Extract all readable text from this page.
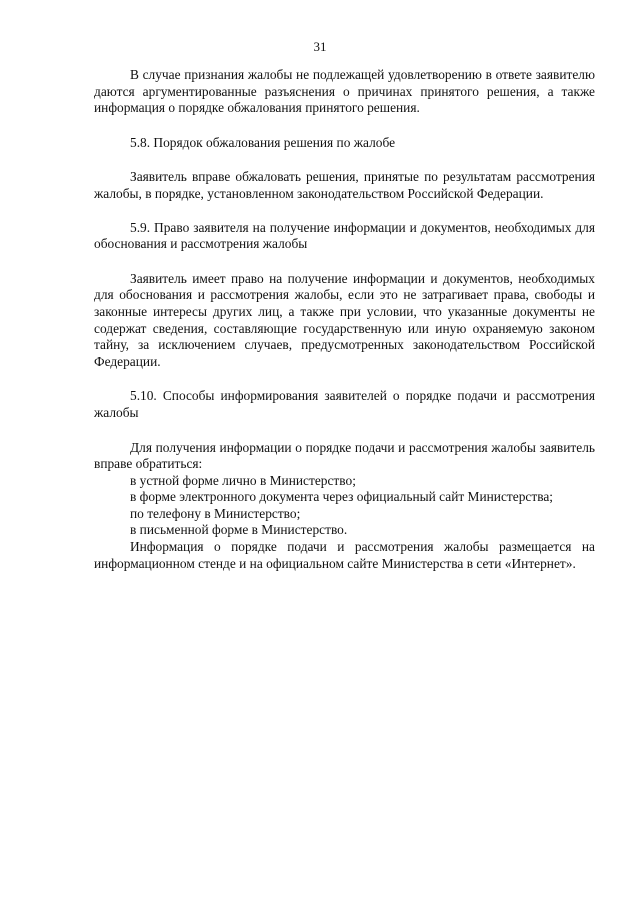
31

В случае признания жалобы не подлежащей удовлетворению в ответе заявителю даются аргументированные разъяснения о причинах принятого решения, а также информация о порядке обжалования принятого решения.

5.8. Порядок обжалования решения по жалобе

Заявитель вправе обжаловать решения, принятые по результатам рассмотрения жалобы, в порядке, установленном законодательством Российской Федерации.

5.9. Право заявителя на получение информации и документов, необходимых для обоснования и рассмотрения жалобы

Заявитель имеет право на получение информации и документов, необходимых для обоснования и рассмотрения жалобы, если это не затрагивает права, свободы и законные интересы других лиц, а также при условии, что указанные документы не содержат сведения, составляющие государственную или иную охраняемую законом тайну, за исключением случаев, предусмотренных законодательством Российской Федерации.

5.10. Способы информирования заявителей о порядке подачи и рассмотрения жалобы

Для получения информации о порядке подачи и рассмотрения жалобы заявитель вправе обратиться:

в устной форме лично в Министерство;
в форме электронного документа через официальный сайт Министерства;
по телефону в Министерство;
в письменной форме в Министерство.

Информация о порядке подачи и рассмотрения жалобы размещается на информационном стенде и на официальном сайте Министерства в сети «Интернет».
